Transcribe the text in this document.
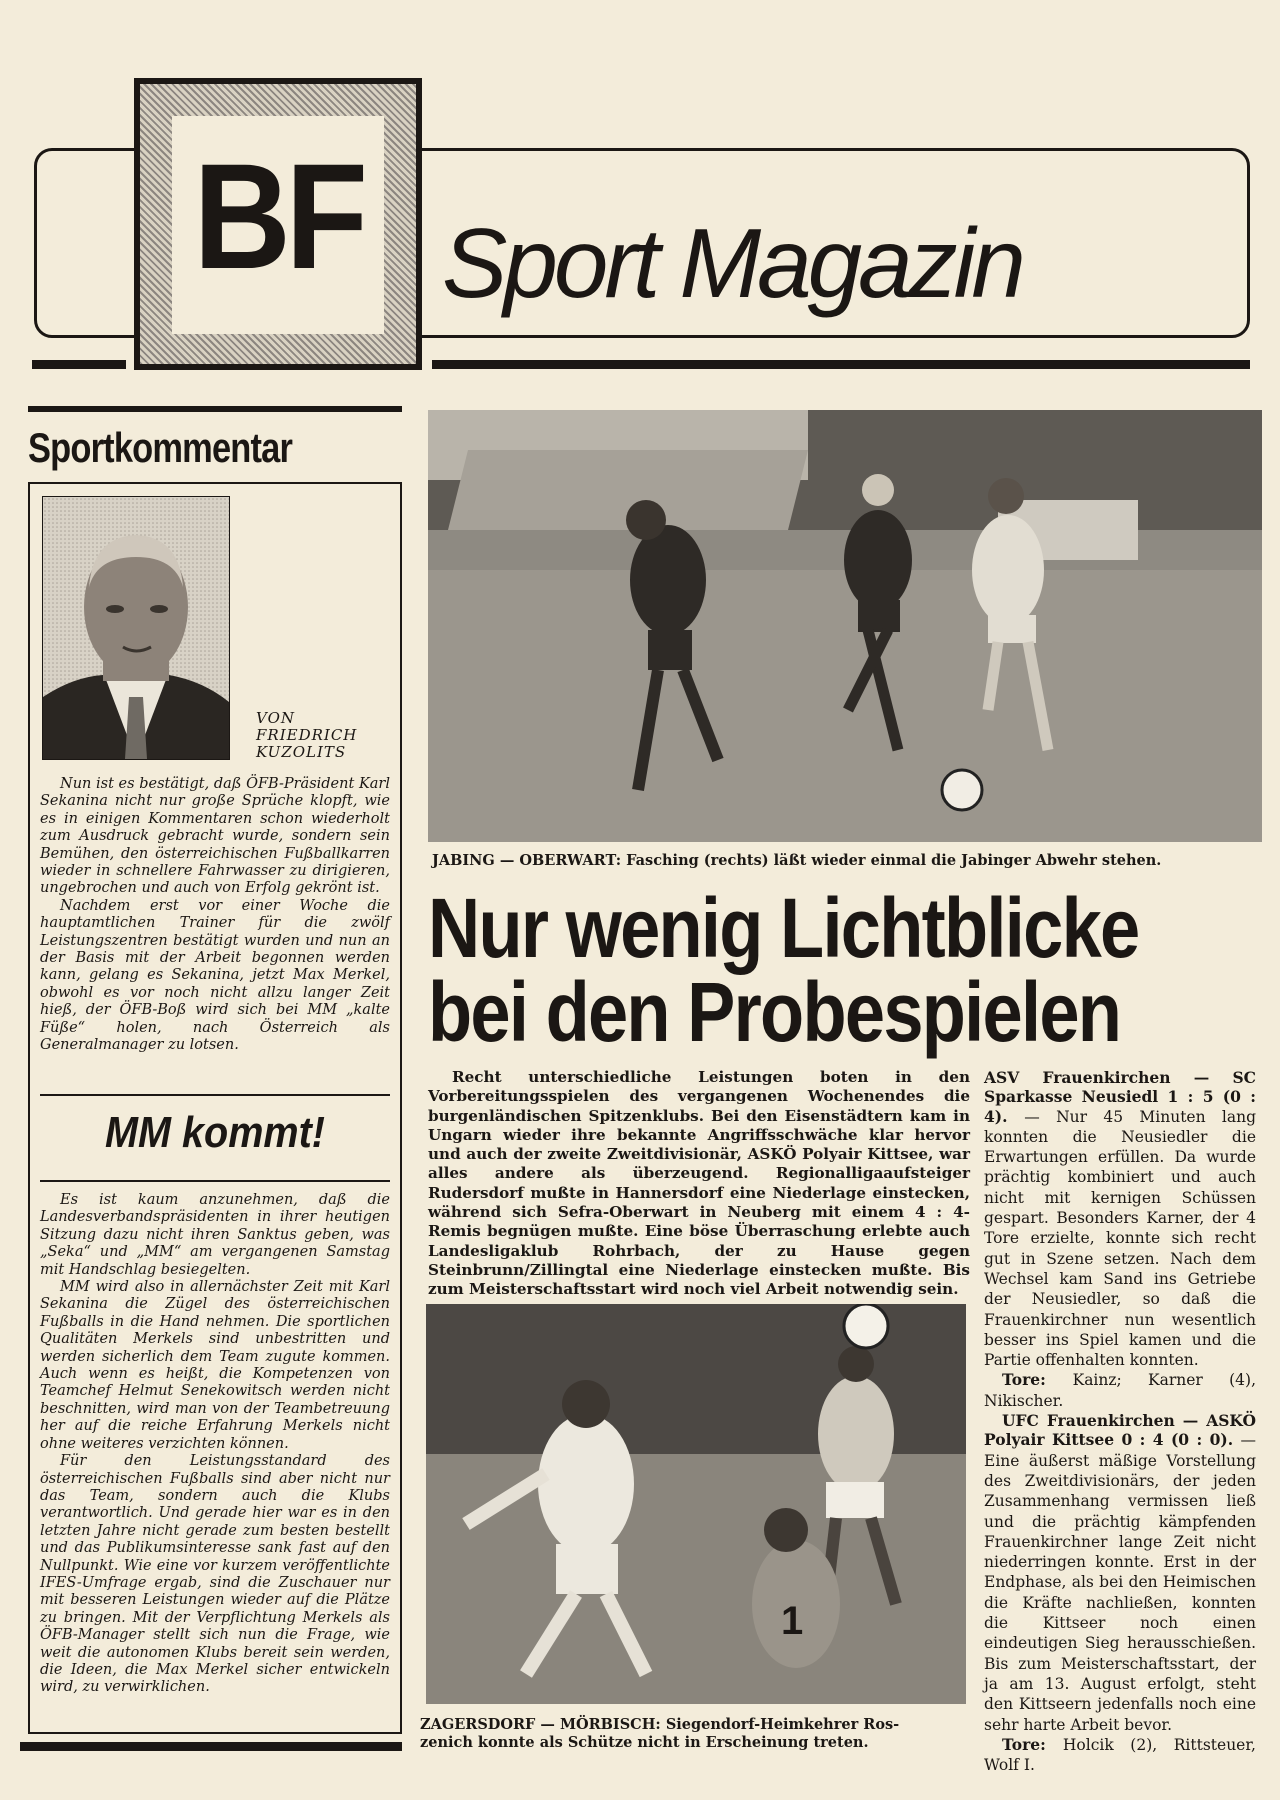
BF Sport Magazin
Sportkommentar
VON
FRIEDRICH
KUZOLITS

Nun ist es bestätigt, daß ÖFB-Präsident Karl Sekanina nicht nur große Sprüche klopft, wie es in einigen Kommentaren schon wiederholt zum Ausdruck gebracht wurde, sondern sein Bemühen, den österreichischen Fußballkarren wieder in schnellere Fahrwasser zu dirigieren, ungebrochen und auch von Erfolg gekrönt ist.

Nachdem erst vor einer Woche die hauptamtlichen Trainer für die zwölf Leistungszentren bestätigt wurden und nun an der Basis mit der Arbeit begonnen werden kann, gelang es Sekanina, jetzt Max Merkel, obwohl es vor noch nicht allzu langer Zeit hieß, der ÖFB-Boß wird sich bei MM „kalte Füße“ holen, nach Österreich als Generalmanager zu lotsen.

MM kommt!

Es ist kaum anzunehmen, daß die Landesverbandspräsidenten in ihrer heutigen Sitzung dazu nicht ihren Sanktus geben, was „Seka“ und „MM“ am vergangenen Samstag mit Handschlag besiegelten.

MM wird also in allernächster Zeit mit Karl Sekanina die Zügel des österreichischen Fußballs in die Hand nehmen. Die sportlichen Qualitäten Merkels sind unbestritten und werden sicherlich dem Team zugute kommen. Auch wenn es heißt, die Kompetenzen von Teamchef Helmut Senekowitsch werden nicht beschnitten, wird man von der Teambetreuung her auf die reiche Erfahrung Merkels nicht ohne weiteres verzichten können.

Für den Leistungsstandard des österreichischen Fußballs sind aber nicht nur das Team, sondern auch die Klubs verantwortlich. Und gerade hier war es in den letzten Jahre nicht gerade zum besten bestellt und das Publikumsinteresse sank fast auf den Nullpunkt. Wie eine vor kurzem veröffentlichte IFES-Umfrage ergab, sind die Zuschauer nur mit besseren Leistungen wieder auf die Plätze zu bringen. Mit der Verpflichtung Merkels als ÖFB-Manager stellt sich nun die Frage, wie weit die autonomen Klubs bereit sein werden, die Ideen, die Max Merkel sicher entwickeln wird, zu verwirklichen.

JABING — OBERWART: Fasching (rechts) läßt wieder einmal die Jabinger Abwehr stehen.
Nur wenig Lichtblicke
bei den Probespielen

Recht unterschiedliche Leistungen boten in den Vorbereitungsspielen des vergangenen Wochenendes die burgenländischen Spitzenklubs. Bei den Eisenstädtern kam in Ungarn wieder ihre bekannte Angriffsschwäche klar hervor und auch der zweite Zweitdivisionär, ASKÖ Polyair Kittsee, war alles andere als überzeugend. Regionalligaaufsteiger Rudersdorf mußte in Hannersdorf eine Niederlage einstecken, während sich Sefra-Oberwart in Neuberg mit einem 4 : 4-Remis begnügen mußte. Eine böse Überraschung erlebte auch Landesligaklub Rohrbach, der zu Hause gegen Steinbrunn/Zillingtal eine Niederlage einstecken mußte. Bis zum Meisterschaftsstart wird noch viel Arbeit notwendig sein.

1
ZAGERSDORF — MÖRBISCH: Siegendorf-Heimkehrer Ros-
zenich konnte als Schütze nicht in Erscheinung treten.

ASV Frauenkirchen — SC Sparkasse Neusiedl 1 : 5 (0 : 4). — Nur 45 Minuten lang konnten die Neusiedler die Erwartungen erfüllen. Da wurde prächtig kombiniert und auch nicht mit kernigen Schüssen gespart. Besonders Karner, der 4 Tore erzielte, konnte sich recht gut in Szene setzen. Nach dem Wechsel kam Sand ins Getriebe der Neusiedler, so daß die Frauenkirchner nun wesentlich besser ins Spiel kamen und die Partie offenhalten konnten.

Tore: Kainz; Karner (4), Nikischer.

UFC Frauenkirchen — ASKÖ Polyair Kittsee 0 : 4 (0 : 0). — Eine äußerst mäßige Vorstellung des Zweitdivisionärs, der jeden Zusammenhang vermissen ließ und die prächtig kämpfenden Frauenkirchner lange Zeit nicht niederringen konnte. Erst in der Endphase, als bei den Heimischen die Kräfte nachließen, konnten die Kittseer noch einen eindeutigen Sieg herausschießen. Bis zum Meisterschaftsstart, der ja am 13. August erfolgt, steht den Kittseern jedenfalls noch eine sehr harte Arbeit bevor.

Tore: Holcik (2), Rittsteuer, Wolf I.
